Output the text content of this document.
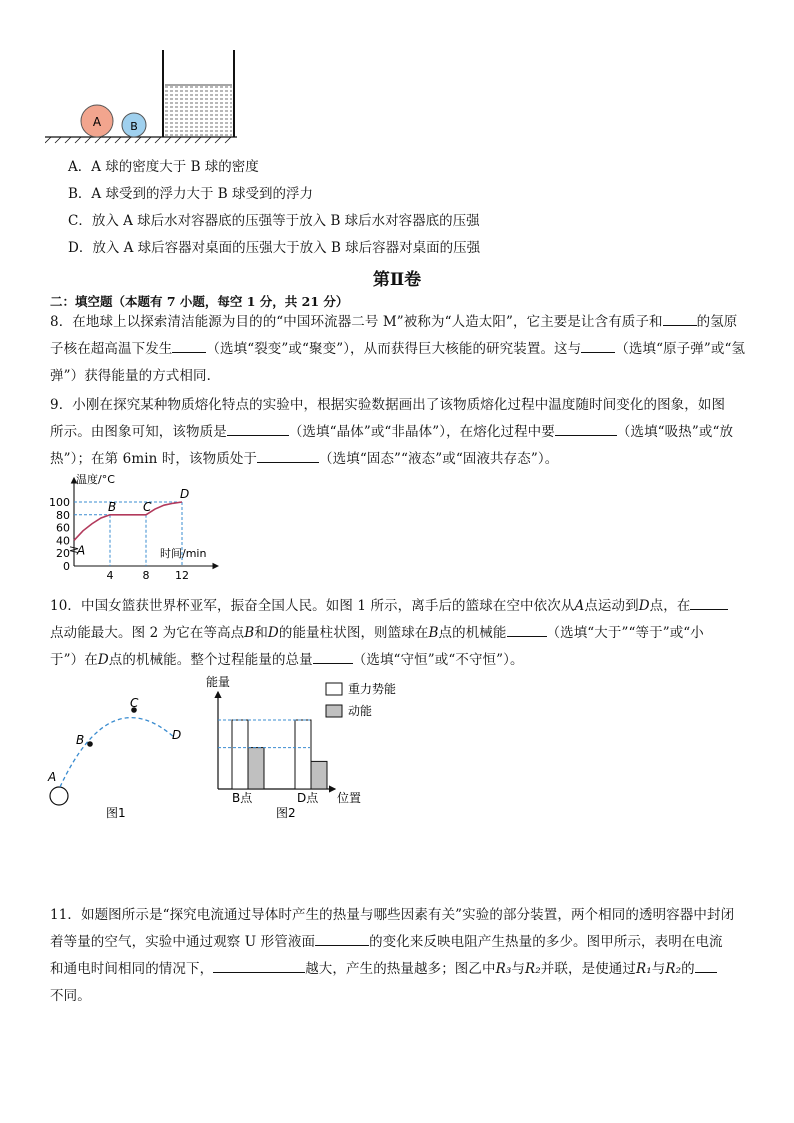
A	B
A．A 球的密度大于 B 球的密度
B．A 球受到的浮力大于 B 球受到的浮力
C．放入 A 球后水对容器底的压强等于放入 B 球后水对容器底的压强
D．放入 A 球后容器对桌面的压强大于放入 B 球后容器对桌面的压强
第Ⅱ卷
二：填空题（本题有 7 小题，每空 1 分，共 21 分）
8．在地球上以探索清洁能源为目的的“中国环流器二号 M”被称为“人造太阳”，它主要是让含有质子和	的氢原
子核在超高温下发生	（选填“裂变”或“聚变”），从而获得巨大核能的研究装置。这与	（选填“原子弹”或“氢
弹”）获得能量的方式相同．
9．小刚在探究某种物质熔化特点的实验中，根据实验数据画出了该物质熔化过程中温度随时间变化的图象，如图
所示。由图象可知，该物质是	（选填“晶体”或“非晶体”），在熔化过程中要	（选填“吸热”或“放
热”）；在第 6min 时，该物质处于	（选填“固态”“液态”或“固液共存态”）。
0
20
40
60
80
100
4	8 12
A
B C
D
温度/°C
时间/min
10．中国女篮获世界杯亚军，振奋全国人民。如图 1 所示，离手后的篮球在空中依次从A点运动到D点，在
点动能最大。图 2 为它在等高点B和D的能量柱状图，则篮球在B点的机械能	（选填“大于”“等于”或“小
于”）在D点的机械能。整个过程能量的总量	（选填“守恒”或“不守恒”）。
A
B
C
D
图1
能量	重力势能
动能
B点	D点 位置
图2
11．如题图所示是“探究电流通过导体时产生的热量与哪些因素有关”实验的部分装置，两个相同的透明容器中封闭
着等量的空气，实验中通过观察 U 形管液面	的变化来反映电阻产生热量的多少。图甲所示，表明在电流
和通电时间相同的情况下，	越大，产生的热量越多；图乙中R₃与R₂并联，是使通过R₁与R₂的
不同。
